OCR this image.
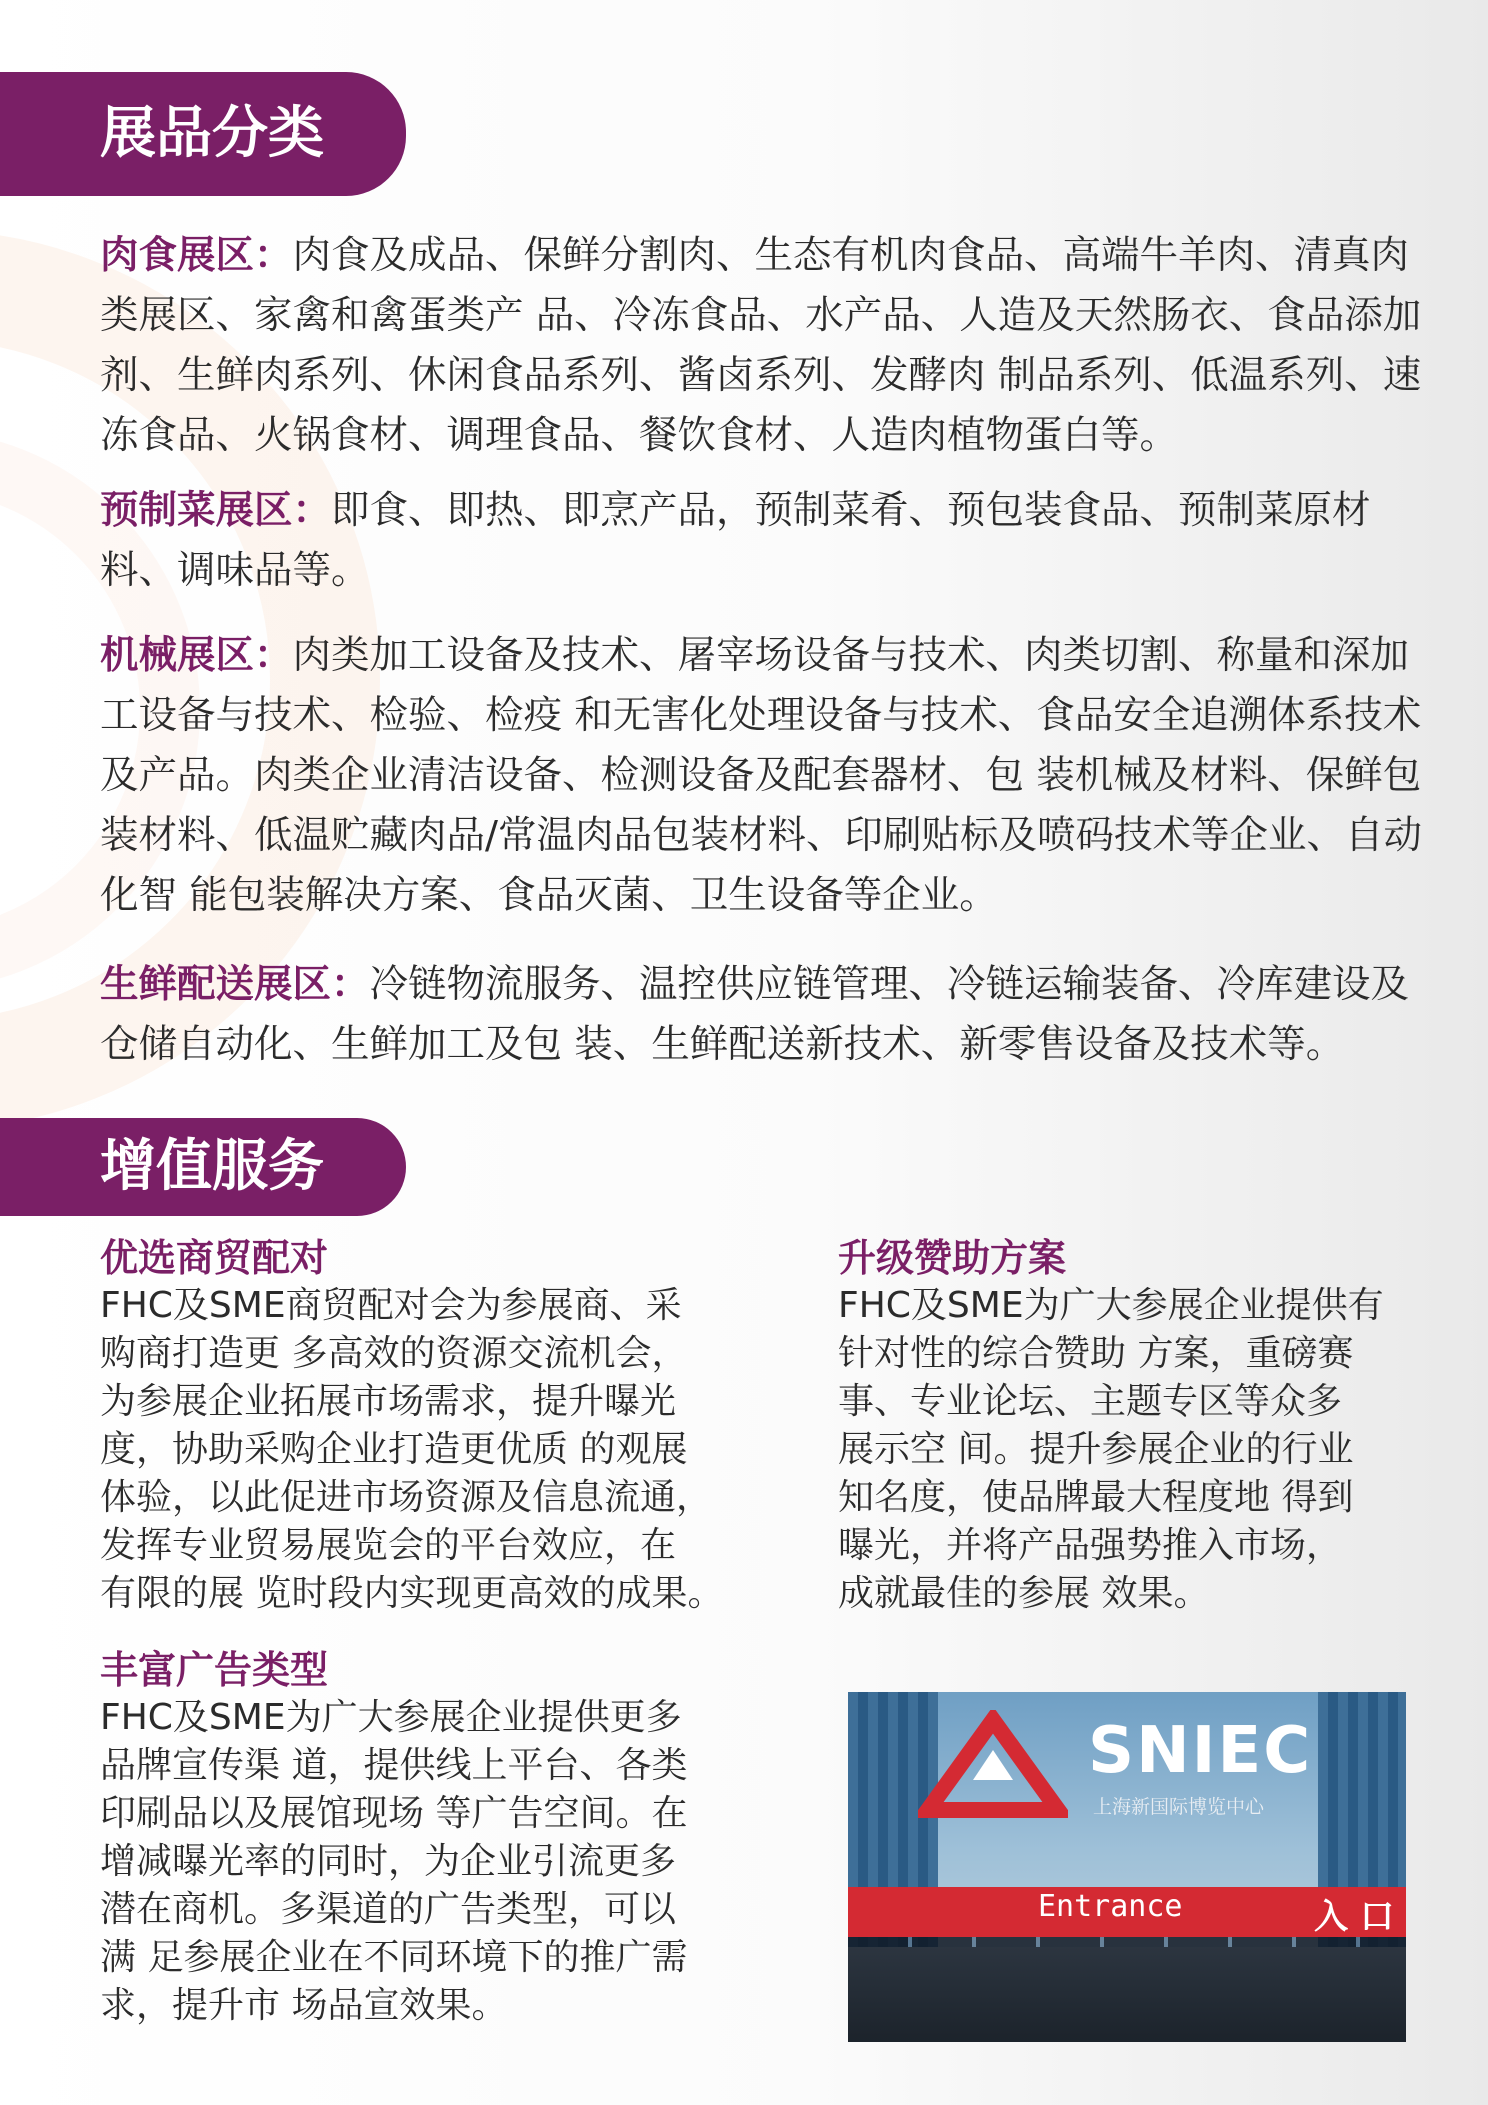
展品分类

肉食展区：肉食及成品、保鲜分割肉、生态有机肉食品、高端牛羊肉、清真肉类展区、家禽和禽蛋类产 品、冷冻食品、水产品、人造及天然肠衣、食品添加剂、生鲜肉系列、休闲食品系列、酱卤系列、发酵肉 制品系列、低温系列、速冻食品、火锅食材、调理食品、餐饮食材、人造肉植物蛋白等。

预制菜展区：即食、即热、即烹产品，预制菜肴、预包装食品、预制菜原材料、调味品等。

机械展区：肉类加工设备及技术、屠宰场设备与技术、肉类切割、称量和深加工设备与技术、检验、检疫 和无害化处理设备与技术、食品安全追溯体系技术及产品。肉类企业清洁设备、检测设备及配套器材、包 装机械及材料、保鲜包装材料、低温贮藏肉品/常温肉品包装材料、印刷贴标及喷码技术等企业、自动化智 能包装解决方案、食品灭菌、卫生设备等企业。

生鲜配送展区：冷链物流服务、温控供应链管理、冷链运输装备、冷库建设及仓储自动化、生鲜加工及包 装、生鲜配送新技术、新零售设备及技术等。

增值服务
优选商贸配对
FHC及SME商贸配对会为参展商、采
购商打造更 多高效的资源交流机会，
为参展企业拓展市场需求，提升曝光
度，协助采购企业打造更优质 的观展
体验，以此促进市场资源及信息流通，
发挥专业贸易展览会的平台效应，在
有限的展 览时段内实现更高效的成果。
升级赞助方案
FHC及SME为广大参展企业提供有
针对性的综合赞助 方案，重磅赛
事、专业论坛、主题专区等众多
展示空 间。提升参展企业的行业
知名度，使品牌最大程度地 得到
曝光，并将产品强势推入市场，
成就最佳的参展 效果。
丰富广告类型
FHC及SME为广大参展企业提供更多
品牌宣传渠 道，提供线上平台、各类
印刷品以及展馆现场 等广告空间。在
增减曝光率的同时，为企业引流更多
潜在商机。多渠道的广告类型，可以
满 足参展企业在不同环境下的推广需
求，提升市 场品宣效果。
SNIEC
上海新国际博览中心
Entrance	入 口
